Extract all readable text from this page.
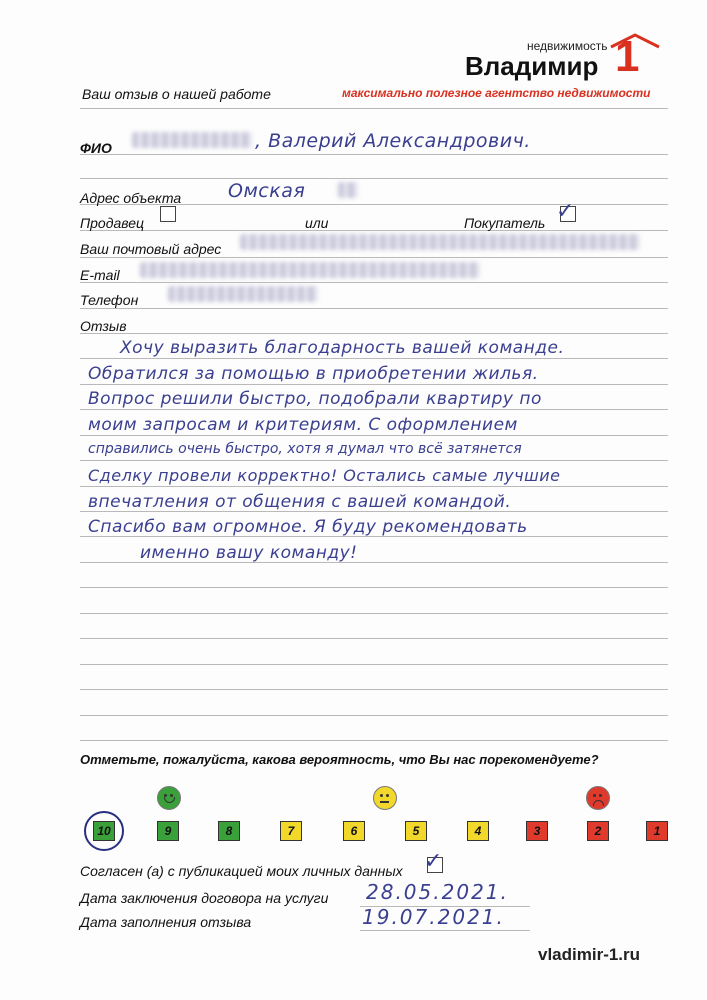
недвижимость
Владимир 1
максимально полезное агентство недвижимости
Ваш отзыв о нашей работе
ФИО	, Валерий Александрович.
Адрес объекта Омская
Продавец	или	Покупатель ✓
Ваш почтовый адрес
E-mail
Телефон
Отзыв
Хочу выразить благодарность вашей команде.
Обратился за помощью в приобретении жилья.
Вопрос решили быстро, подобрали квартиру по
моим запросам и критериям. С оформлением
справились очень быстро, хотя я думал что всё затянется
Сделку провели корректно! Остались самые лучшие
впечатления от общения с вашей командой.
Спасибо вам огромное. Я буду рекомендовать
именно вашу команду!
Отметьте, пожалуйста, какова вероятность, что Вы нас порекомендуете?
10	9	8	7	6	5	4	3	2	1
Согласен (а) с публикацией моих личных данных ✓
Дата заключения договора на услуги 28.05.2021.
Дата заполнения отзыва	19.07.2021.
vladimir-1.ru
